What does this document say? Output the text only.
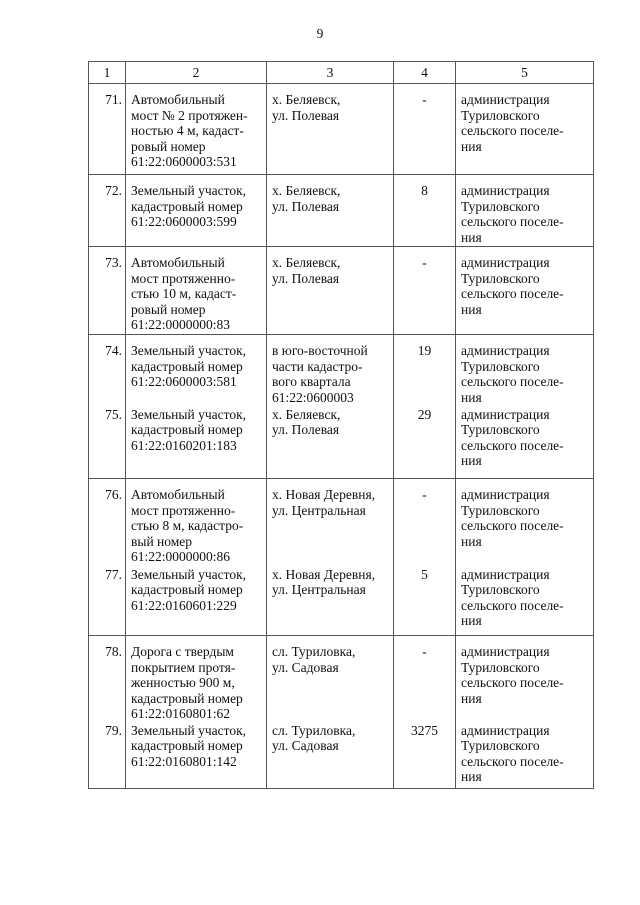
9
1	2	3	4	5
71.	Автомобильный
мост № 2 протяжен-
ностью 4 м, кадаст-
ровый номер
61:22:0600003:531	х. Беляевск,
ул. Полевая	-	администрация
Туриловского
сельского поселе-
ния

72.	Земельный участок,
кадастровый номер
61:22:0600003:599	х. Беляевск,
ул. Полевая	8	администрация
Туриловского
сельского поселе-
ния

73.	Автомобильный
мост протяженно-
стью 10 м, кадаст-
ровый номер
61:22:0000000:83	х. Беляевск,
ул. Полевая	-	администрация
Туриловского
сельского поселе-
ния

74.	Земельный участок,
кадастровый номер
61:22:0600003:581	в юго-восточной
части кадастро-
вого квартала
61:22:0600003	19	администрация
Туриловского
сельского поселе-
ния

75.	Земельный участок,
кадастровый номер
61:22:0160201:183	х. Беляевск,
ул. Полевая	29	администрация
Туриловского
сельского поселе-
ния

76.	Автомобильный
мост протяженно-
стью 8 м, кадастро-
вый номер
61:22:0000000:86	х. Новая Деревня,
ул. Центральная	-	администрация
Туриловского
сельского поселе-
ния

77.	Земельный участок,
кадастровый номер
61:22:0160601:229	х. Новая Деревня,
ул. Центральная	5	администрация
Туриловского
сельского поселе-
ния

78.	Дорога с твердым
покрытием протя-
женностью 900 м,
кадастровый номер
61:22:0160801:62	сл. Туриловка,
ул. Садовая	-	администрация
Туриловского
сельского поселе-
ния

79.	Земельный участок,
кадастровый номер
61:22:0160801:142	сл. Туриловка,
ул. Садовая	3275	администрация
Туриловского
сельского поселе-
ния
